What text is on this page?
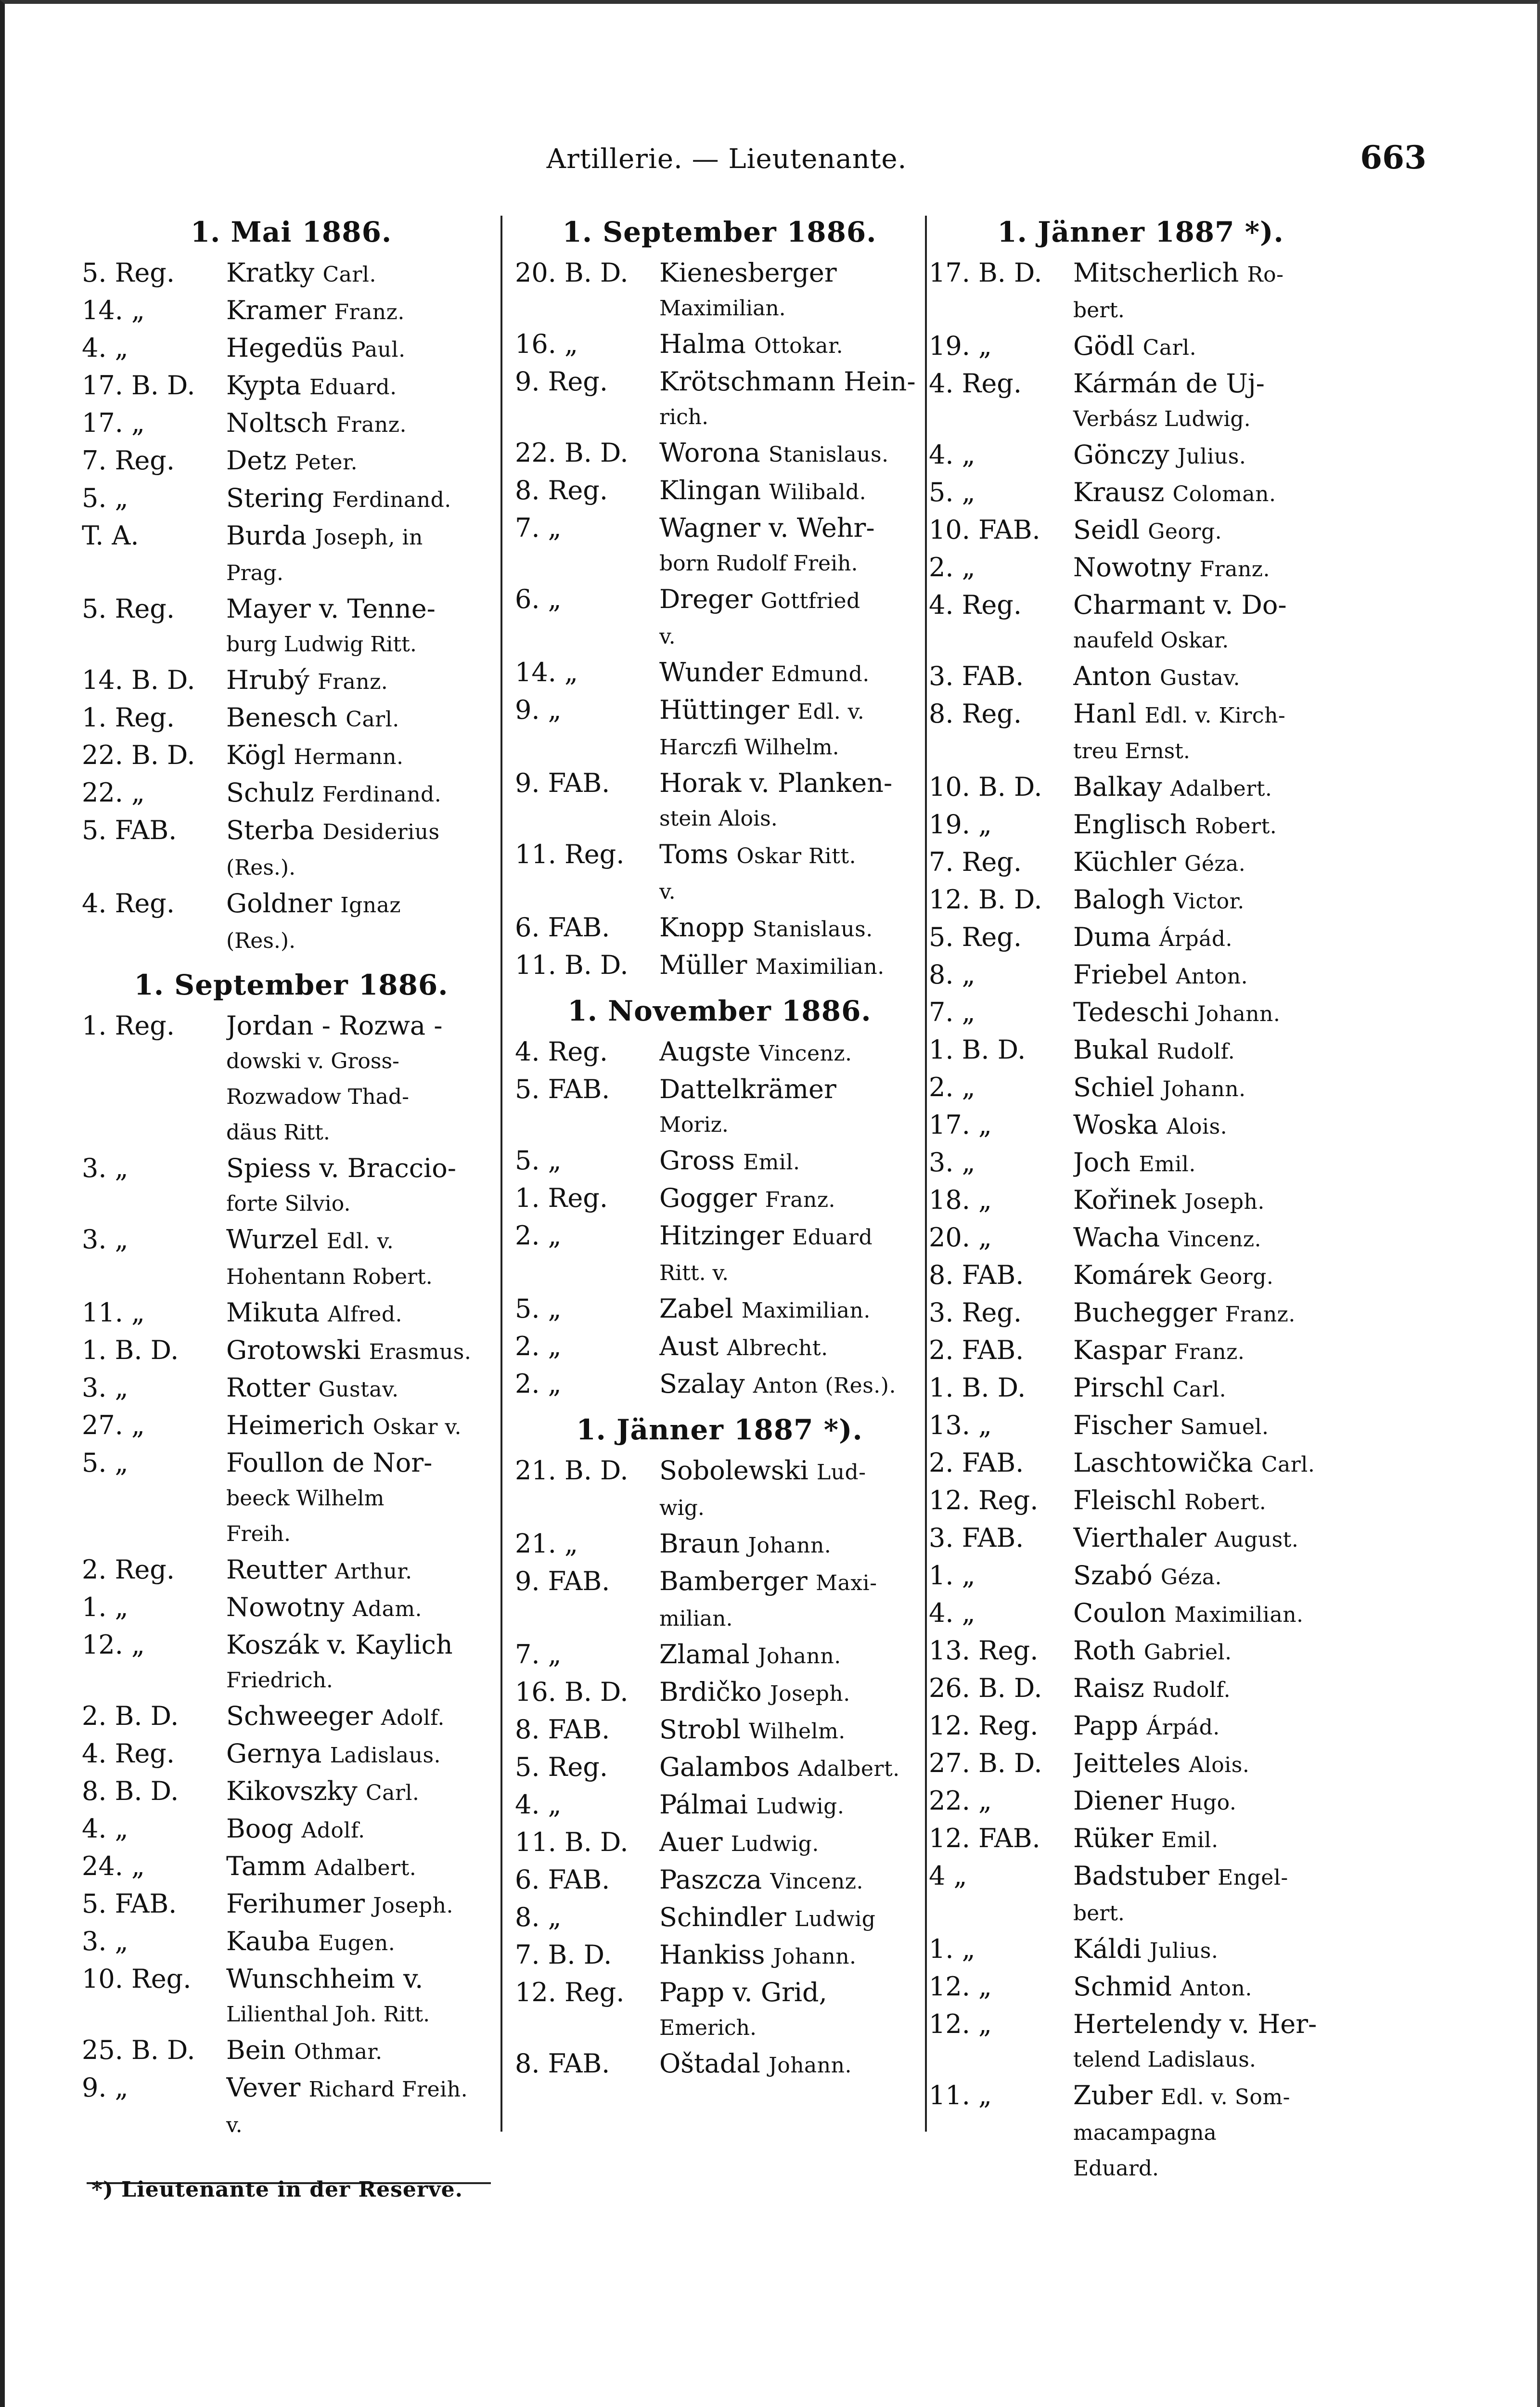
Artillerie. — Lieutenante.	663
1. Mai 1886.
5. Reg.	Kratky Carl.
14. „	Kramer Franz.
4. „	Hegedüs Paul.
17. B. D.	Kypta Eduard.
17. „	Noltsch Franz.
7. Reg.	Detz Peter.
5. „	Stering Ferdinand.
T. A.	Burda Joseph, in
Prag.
5. Reg.	Mayer v. Tenne-
burg Ludwig Ritt.
14. B. D.	Hrubý Franz.
1. Reg.	Benesch Carl.
22. B. D.	Kögl Hermann.
22. „	Schulz Ferdinand.
5. FAB.	Sterba Desiderius
(Res.).
4. Reg.	Goldner Ignaz
(Res.).
1. September 1886.
1. Reg.	Jordan - Rozwa -
dowski v. Gross-
Rozwadow Thad-
däus Ritt.
3. „	Spiess v. Braccio-
forte Silvio.
3. „	Wurzel Edl. v.
Hohentann Robert.
11. „	Mikuta Alfred.
1. B. D.	Grotowski Erasmus.
3. „	Rotter Gustav.
27. „	Heimerich Oskar v.
5. „	Foullon de Nor-
beeck Wilhelm
Freih.
2. Reg.	Reutter Arthur.
1. „	Nowotny Adam.
12. „	Koszák v. Kaylich
Friedrich.
2. B. D.	Schweeger Adolf.
4. Reg.	Gernya Ladislaus.
8. B. D.	Kikovszky Carl.
4. „	Boog Adolf.
24. „	Tamm Adalbert.
5. FAB.	Ferihumer Joseph.
3. „	Kauba Eugen.
10. Reg.	Wunschheim v.
Lilienthal Joh. Ritt.
25. B. D.	Bein Othmar.
9. „	Vever Richard Freih.
v.
1. September 1886.
20. B. D.	Kienesberger
Maximilian.
16. „	Halma Ottokar.
9. Reg.	Krötschmann Hein-
rich.
22. B. D.	Worona Stanislaus.
8. Reg.	Klingan Wilibald.
7. „	Wagner v. Wehr-
born Rudolf Freih.
6. „	Dreger Gottfried
v.
14. „	Wunder Edmund.
9. „	Hüttinger Edl. v.
Harczfi Wilhelm.
9. FAB.	Horak v. Planken-
stein Alois.
11. Reg.	Toms Oskar Ritt.
v.
6. FAB.	Knopp Stanislaus.
11. B. D.	Müller Maximilian.
1. November 1886.
4. Reg.	Augste Vincenz.
5. FAB.	Dattelkrämer
Moriz.
5. „	Gross Emil.
1. Reg.	Gogger Franz.
2. „	Hitzinger Eduard
Ritt. v.
5. „	Zabel Maximilian.
2. „	Aust Albrecht.
2. „	Szalay Anton (Res.).
1. Jänner 1887 *).
21. B. D.	Sobolewski Lud-
wig.
21. „	Braun Johann.
9. FAB.	Bamberger Maxi-
milian.
7. „	Zlamal Johann.
16. B. D.	Brdičko Joseph.
8. FAB.	Strobl Wilhelm.
5. Reg.	Galambos Adalbert.
4. „	Pálmai Ludwig.
11. B. D.	Auer Ludwig.
6. FAB.	Paszcza Vincenz.
8. „	Schindler Ludwig
7. B. D.	Hankiss Johann.
12. Reg.	Papp v. Grid,
Emerich.
8. FAB.	Oštadal Johann.
1. Jänner 1887 *).
17. B. D.	Mitscherlich Ro-
bert.
19. „	Gödl Carl.
4. Reg.	Kármán de Uj-
Verbász Ludwig.
4. „	Gönczy Julius.
5. „	Krausz Coloman.
10. FAB.	Seidl Georg.
2. „	Nowotny Franz.
4. Reg.	Charmant v. Do-
naufeld Oskar.
3. FAB.	Anton Gustav.
8. Reg.	Hanl Edl. v. Kirch-
treu Ernst.
10. B. D.	Balkay Adalbert.
19. „	Englisch Robert.
7. Reg.	Küchler Géza.
12. B. D.	Balogh Victor.
5. Reg.	Duma Árpád.
8. „	Friebel Anton.
7. „	Tedeschi Johann.
1. B. D.	Bukal Rudolf.
2. „	Schiel Johann.
17. „	Woska Alois.
3. „	Joch Emil.
18. „	Kořinek Joseph.
20. „	Wacha Vincenz.
8. FAB.	Komárek Georg.
3. Reg.	Buchegger Franz.
2. FAB.	Kaspar Franz.
1. B. D.	Pirschl Carl.
13. „	Fischer Samuel.
2. FAB.	Laschtowička Carl.
12. Reg.	Fleischl Robert.
3. FAB.	Vierthaler August.
1. „	Szabó Géza.
4. „	Coulon Maximilian.
13. Reg.	Roth Gabriel.
26. B. D.	Raisz Rudolf.
12. Reg.	Papp Árpád.
27. B. D.	Jeitteles Alois.
22. „	Diener Hugo.
12. FAB.	Rüker Emil.
4 „	Badstuber Engel-
bert.
1. „	Káldi Julius.
12. „	Schmid Anton.
12. „	Hertelendy v. Her-
telend Ladislaus.
11. „	Zuber Edl. v. Som-
macampagna
Eduard.
*) Lieutenante in der Reserve.
